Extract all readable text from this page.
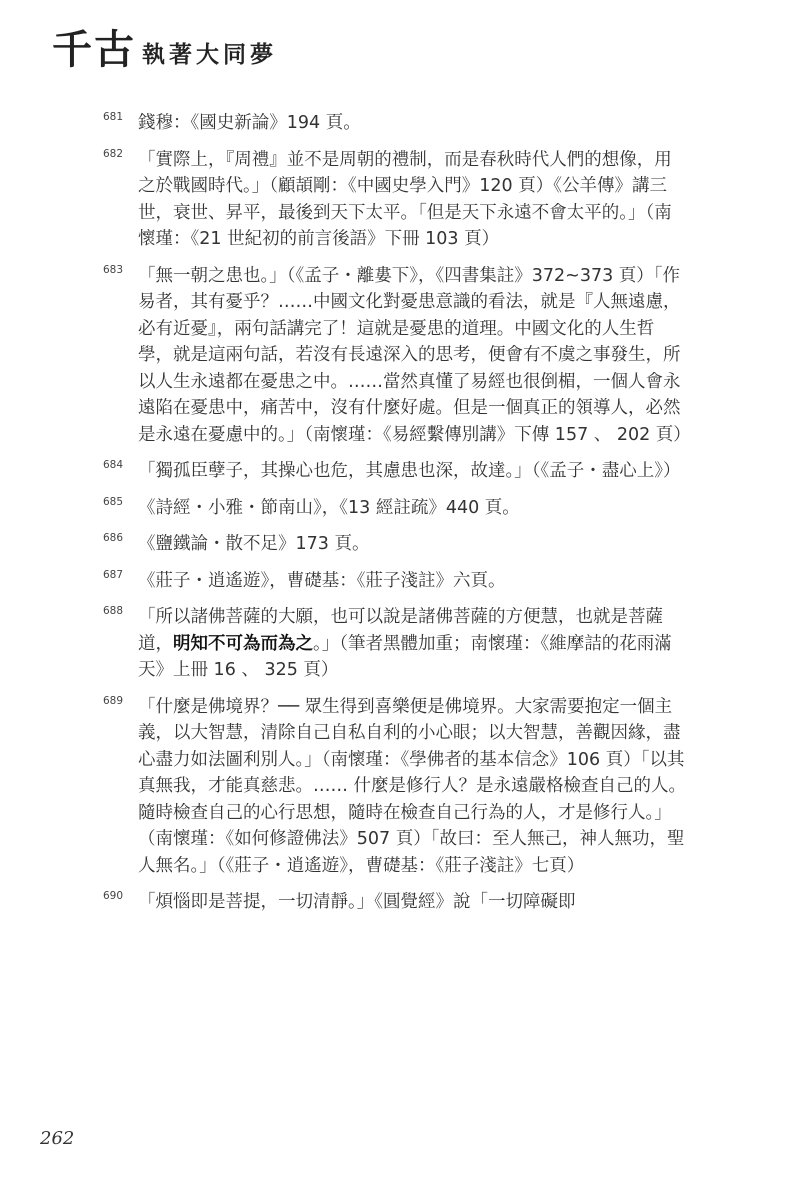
千古 執著大同夢
681 錢穆：《國史新論》194 頁。
682 「實際上，『周禮』並不是周朝的禮制，而是春秋時代人們的想像，用之於戰國時代。」（顧頡剛：《中國史學入門》120 頁）《公羊傳》講三世，衰世、昇平，最後到天下太平。「但是天下永遠不會太平的。」（南懷瑾：《21 世紀初的前言後語》下冊 103 頁）
683 「無一朝之患也。」（《孟子・離婁下》，《四書集註》372~373 頁）「作易者，其有憂乎？……中國文化對憂患意識的看法，就是『人無遠慮，必有近憂』，兩句話講完了！這就是憂患的道理。中國文化的人生哲學，就是這兩句話，若沒有長遠深入的思考，便會有不虞之事發生，所以人生永遠都在憂患之中。……當然真懂了易經也很倒楣，一個人會永遠陷在憂患中，痛苦中，沒有什麼好處。但是一個真正的領導人，必然是永遠在憂慮中的。」（南懷瑾：《易經繫傳別講》下傳 157 、 202 頁）
684 「獨孤臣孽子，其操心也危，其慮患也深，故達。」（《孟子・盡心上》）
685 《詩經・小雅・節南山》，《13 經註疏》440 頁。
686 《鹽鐵論・散不足》173 頁。
687 《莊子・逍遙遊》，曹礎基：《莊子淺註》六頁。
688 「所以諸佛菩薩的大願，也可以說是諸佛菩薩的方便慧，也就是菩薩道，明知不可為而為之。」（筆者黑體加重；南懷瑾：《維摩詰的花雨滿天》上冊 16 、 325 頁）
689 「什麼是佛境界？── 眾生得到喜樂便是佛境界。大家需要抱定一個主義，以大智慧，清除自己自私自利的小心眼；以大智慧，善觀因緣，盡心盡力如法圖利別人。」（南懷瑾：《學佛者的基本信念》106 頁）「以其真無我，才能真慈悲。…… 什麼是修行人？是永遠嚴格檢查自己的人。隨時檢查自己的心行思想，隨時在檢查自己行為的人，才是修行人。」（南懷瑾：《如何修證佛法》507 頁）「故曰：至人無己，神人無功，聖人無名。」（《莊子・逍遙遊》，曹礎基：《莊子淺註》七頁）
690 「煩惱即是菩提，一切清靜。」《圓覺經》說「一切障礙即
262
